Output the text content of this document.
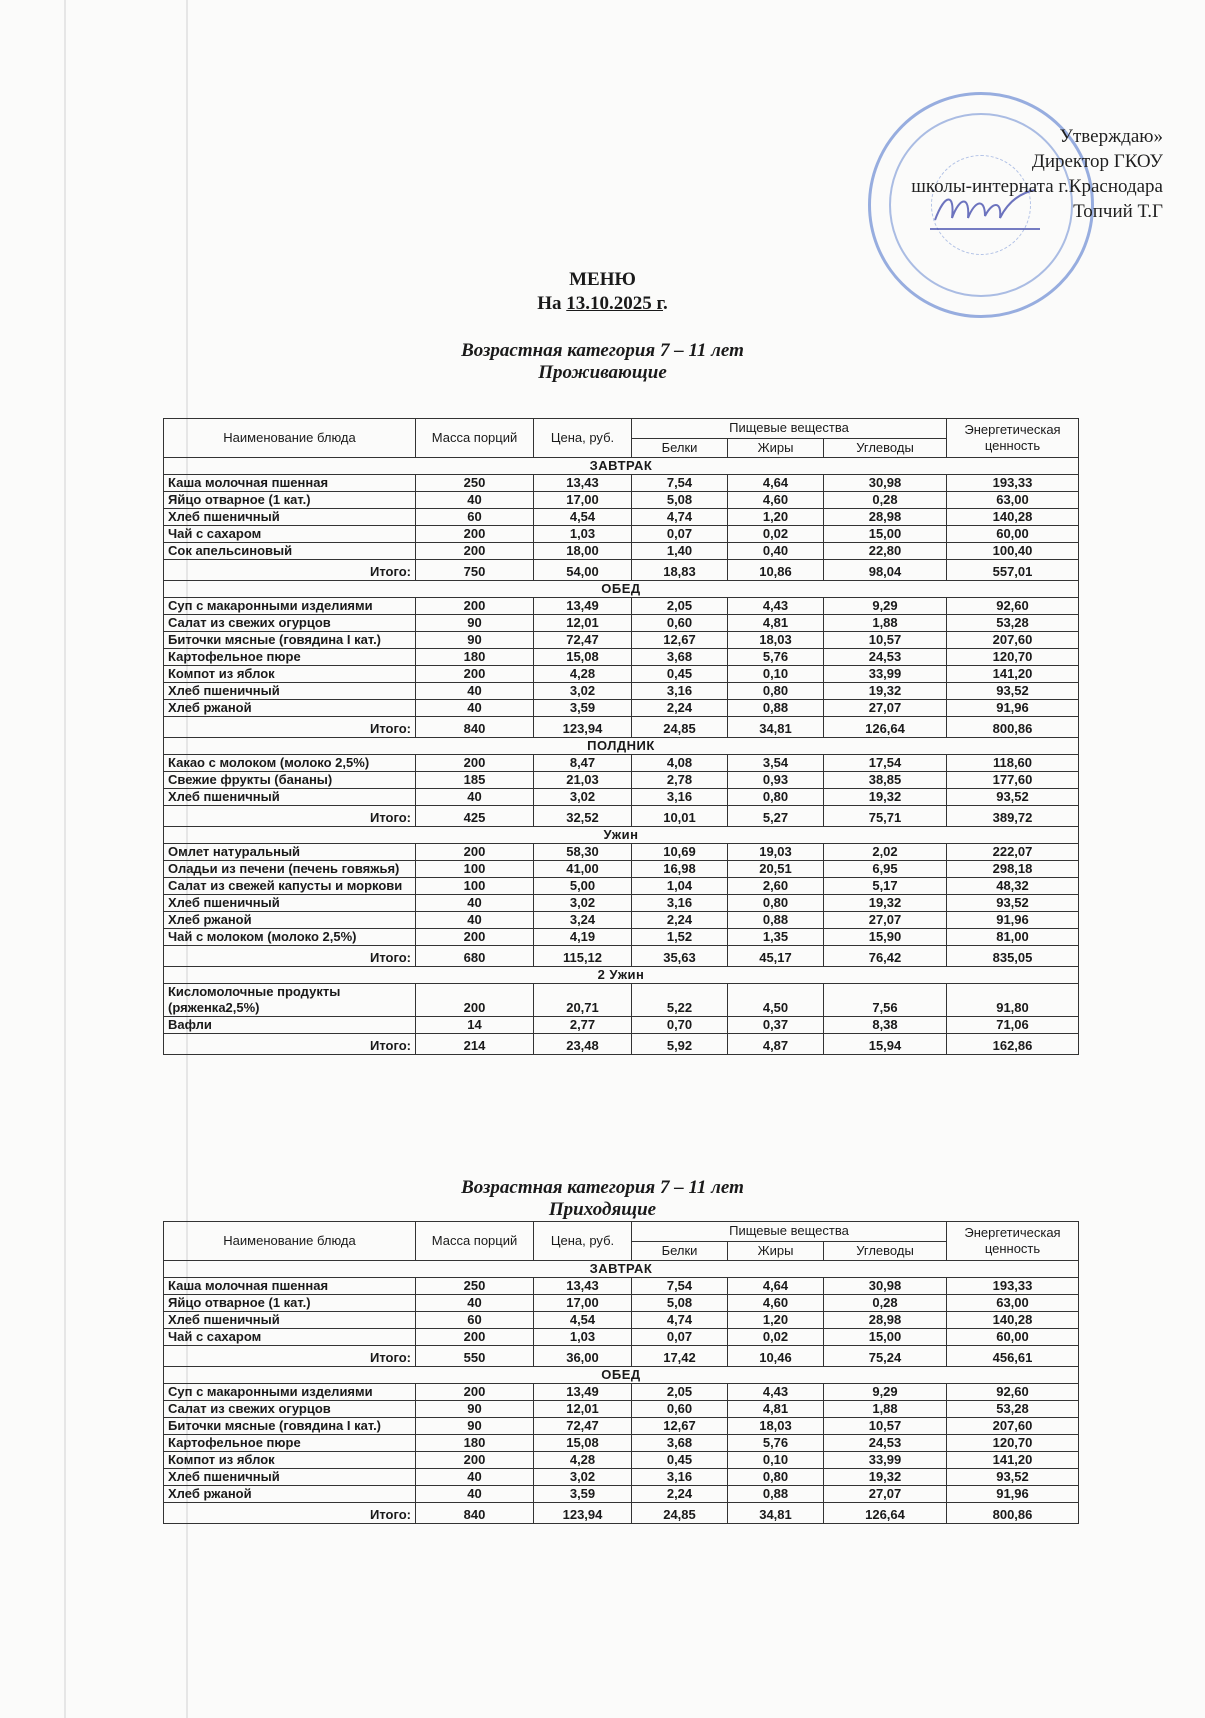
Утверждаю»
Директор ГКОУ
школы-интерната г.Краснодара
Топчий Т.Г
МЕНЮ
На 13.10.2025 г.
Возрастная категория 7 – 11 лет
Проживающие
Наименование блюда	Масса порций	Цена, руб.	Пищевые вещества			Энергетическая ценность
			Белки	Жиры	Углеводы	
ЗАВТРАК						
Каша молочная пшенная	250	13,43	7,54	4,64	30,98	193,33
Яйцо отварное (1 кат.)	40	17,00	5,08	4,60	0,28	63,00
Хлеб пшеничный	60	4,54	4,74	1,20	28,98	140,28
Чай с сахаром	200	1,03	0,07	0,02	15,00	60,00
Сок апельсиновый	200	18,00	1,40	0,40	22,80	100,40
Итого:	750	54,00	18,83	10,86	98,04	557,01
ОБЕД						
Суп с макаронными изделиями	200	13,49	2,05	4,43	9,29	92,60
Салат из свежих огурцов	90	12,01	0,60	4,81	1,88	53,28
Биточки мясные (говядина I кат.)	90	72,47	12,67	18,03	10,57	207,60
Картофельное пюре	180	15,08	3,68	5,76	24,53	120,70
Компот из яблок	200	4,28	0,45	0,10	33,99	141,20
Хлеб пшеничный	40	3,02	3,16	0,80	19,32	93,52
Хлеб ржаной	40	3,59	2,24	0,88	27,07	91,96
Итого:	840	123,94	24,85	34,81	126,64	800,86
ПОЛДНИК						
Какао с молоком (молоко 2,5%)	200	8,47	4,08	3,54	17,54	118,60
Свежие фрукты (бананы)	185	21,03	2,78	0,93	38,85	177,60
Хлеб пшеничный	40	3,02	3,16	0,80	19,32	93,52
Итого:	425	32,52	10,01	5,27	75,71	389,72
Ужин						
Омлет натуральный	200	58,30	10,69	19,03	2,02	222,07
Оладьи из печени (печень говяжья)	100	41,00	16,98	20,51	6,95	298,18
Салат из свежей капусты и моркови	100	5,00	1,04	2,60	5,17	48,32
Хлеб пшеничный	40	3,02	3,16	0,80	19,32	93,52
Хлеб ржаной	40	3,24	2,24	0,88	27,07	91,96
Чай с молоком (молоко 2,5%)	200	4,19	1,52	1,35	15,90	81,00
Итого:	680	115,12	35,63	45,17	76,42	835,05
2 Ужин						
Кисломолочные продукты (ряженка2,5%)	200	20,71	5,22	4,50	7,56	91,80
Вафли	14	2,77	0,70	0,37	8,38	71,06
Итого:	214	23,48	5,92	4,87	15,94	162,86
Возрастная категория 7 – 11 лет
Приходящие
Наименование блюда	Масса порций	Цена, руб.	Пищевые вещества			Энергетическая ценность
			Белки	Жиры	Углеводы	
ЗАВТРАК						
Каша молочная пшенная	250	13,43	7,54	4,64	30,98	193,33
Яйцо отварное (1 кат.)	40	17,00	5,08	4,60	0,28	63,00
Хлеб пшеничный	60	4,54	4,74	1,20	28,98	140,28
Чай с сахаром	200	1,03	0,07	0,02	15,00	60,00
Итого:	550	36,00	17,42	10,46	75,24	456,61
ОБЕД						
Суп с макаронными изделиями	200	13,49	2,05	4,43	9,29	92,60
Салат из свежих огурцов	90	12,01	0,60	4,81	1,88	53,28
Биточки мясные (говядина I кат.)	90	72,47	12,67	18,03	10,57	207,60
Картофельное пюре	180	15,08	3,68	5,76	24,53	120,70
Компот из яблок	200	4,28	0,45	0,10	33,99	141,20
Хлеб пшеничный	40	3,02	3,16	0,80	19,32	93,52
Хлеб ржаной	40	3,59	2,24	0,88	27,07	91,96
Итого:	840	123,94	24,85	34,81	126,64	800,86
